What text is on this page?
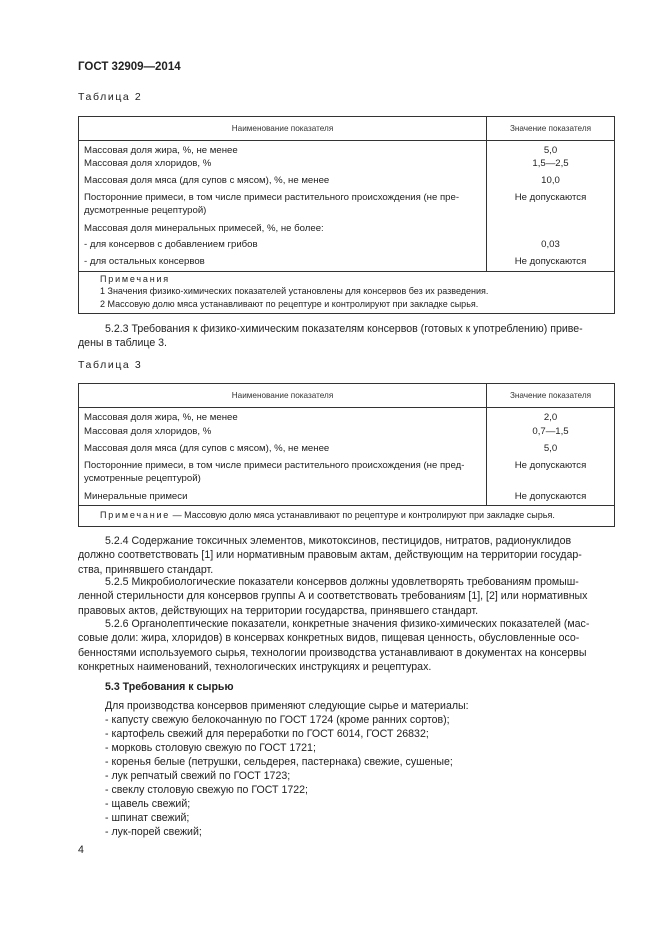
ГОСТ 32909—2014
Таблица 2
Наименование показателя	Значение показателя
Массовая доля жира, %, не менее	5,0
Массовая доля хлоридов, %	1,5—2,5
Массовая доля мяса (для супов с мясом), %, не менее	10,0
Посторонние примеси, в том числе примеси растительного происхождения (не пре-
дусмотренные рецептурой)	Не допускаются
Массовая доля минеральных примесей, %, не более:	
- для консервов с добавлением грибов	0,03
- для остальных консервов	Не допускаются

Примечания
1 Значения физико-химических показателей установлены для консервов без их разведения.
2 Массовую долю мяса устанавливают по рецептуре и контролируют при закладке сырья.	
5.2.3 Требования к физико-химическим показателям консервов (готовых к употреблению) приве-
дены в таблице 3.
Таблица 3
Наименование показателя	Значение показателя
Массовая доля жира, %, не менее	2,0
Массовая доля хлоридов, %	0,7—1,5
Массовая доля мяса (для супов с мясом), %, не менее	5,0
Посторонние примеси, в том числе примеси растительного происхождения (не пред-
усмотренные рецептурой)	Не допускаются
Минеральные примеси	Не допускаются
Примечание — Массовую долю мяса устанавливают по рецептуре и контролируют при закладке сырья.	
5.2.4 Содержание токсичных элементов, микотоксинов, пестицидов, нитратов, радионуклидов
должно соответствовать [1] или нормативным правовым актам, действующим на территории государ-
ства, принявшего стандарт.
5.2.5 Микробиологические показатели консервов должны удовлетворять требованиям промыш-
ленной стерильности для консервов группы А и соответствовать требованиям [1], [2] или нормативных
правовых актов, действующих на территории государства, принявшего стандарт.
5.2.6 Органолептические показатели, конкретные значения физико-химических показателей (мас-
совые доли: жира, хлоридов) в консервах конкретных видов, пищевая ценность, обусловленные осо-
бенностями используемого сырья, технологии производства устанавливают в документах на консервы
конкретных наименований, технологических инструкциях и рецептурах.
5.3 Требования к сырью
Для производства консервов применяют следующие сырье и материалы:
- капусту свежую белокочанную по ГОСТ 1724 (кроме ранних сортов);
- картофель свежий для переработки по ГОСТ 6014, ГОСТ 26832;
- морковь столовую свежую по ГОСТ 1721;
- коренья белые (петрушки, сельдерея, пастернака) свежие, сушеные;
- лук репчатый свежий по ГОСТ 1723;
- свеклу столовую свежую по ГОСТ 1722;
- щавель свежий;
- шпинат свежий;
- лук-порей свежий;
4
